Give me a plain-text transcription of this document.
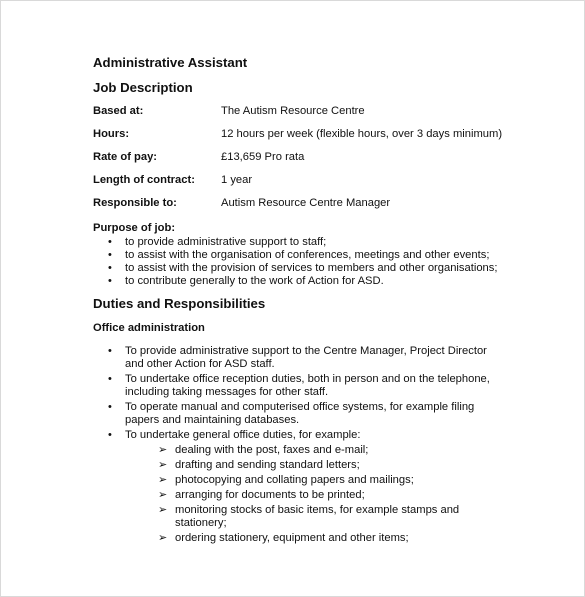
Administrative Assistant
Job Description
Based at:	The Autism Resource Centre
Hours:	12 hours per week (flexible hours, over 3 days minimum)
Rate of pay:	£13,659 Pro rata
Length of contract: 1 year
Responsible to:	Autism Resource Centre Manager
Purpose of job:
• to provide administrative support to staff;
• to assist with the organisation of conferences, meetings and other events;
• to assist with the provision of services to members and other organisations;
• to contribute generally to the work of Action for ASD.
Duties and Responsibilities
Office administration
• To provide administrative support to the Centre Manager, Project Director and other Action for ASD staff.
• To undertake office reception duties, both in person and on the telephone, including taking messages for other staff.
• To operate manual and computerised office systems, for example filing papers and maintaining databases.
• To undertake general office duties, for example:
➢ dealing with the post, faxes and e-mail;
➢ drafting and sending standard letters;
➢ photocopying and collating papers and mailings;
➢ arranging for documents to be printed;
➢ monitoring stocks of basic items, for example stamps and stationery;
➢ ordering stationery, equipment and other items;
